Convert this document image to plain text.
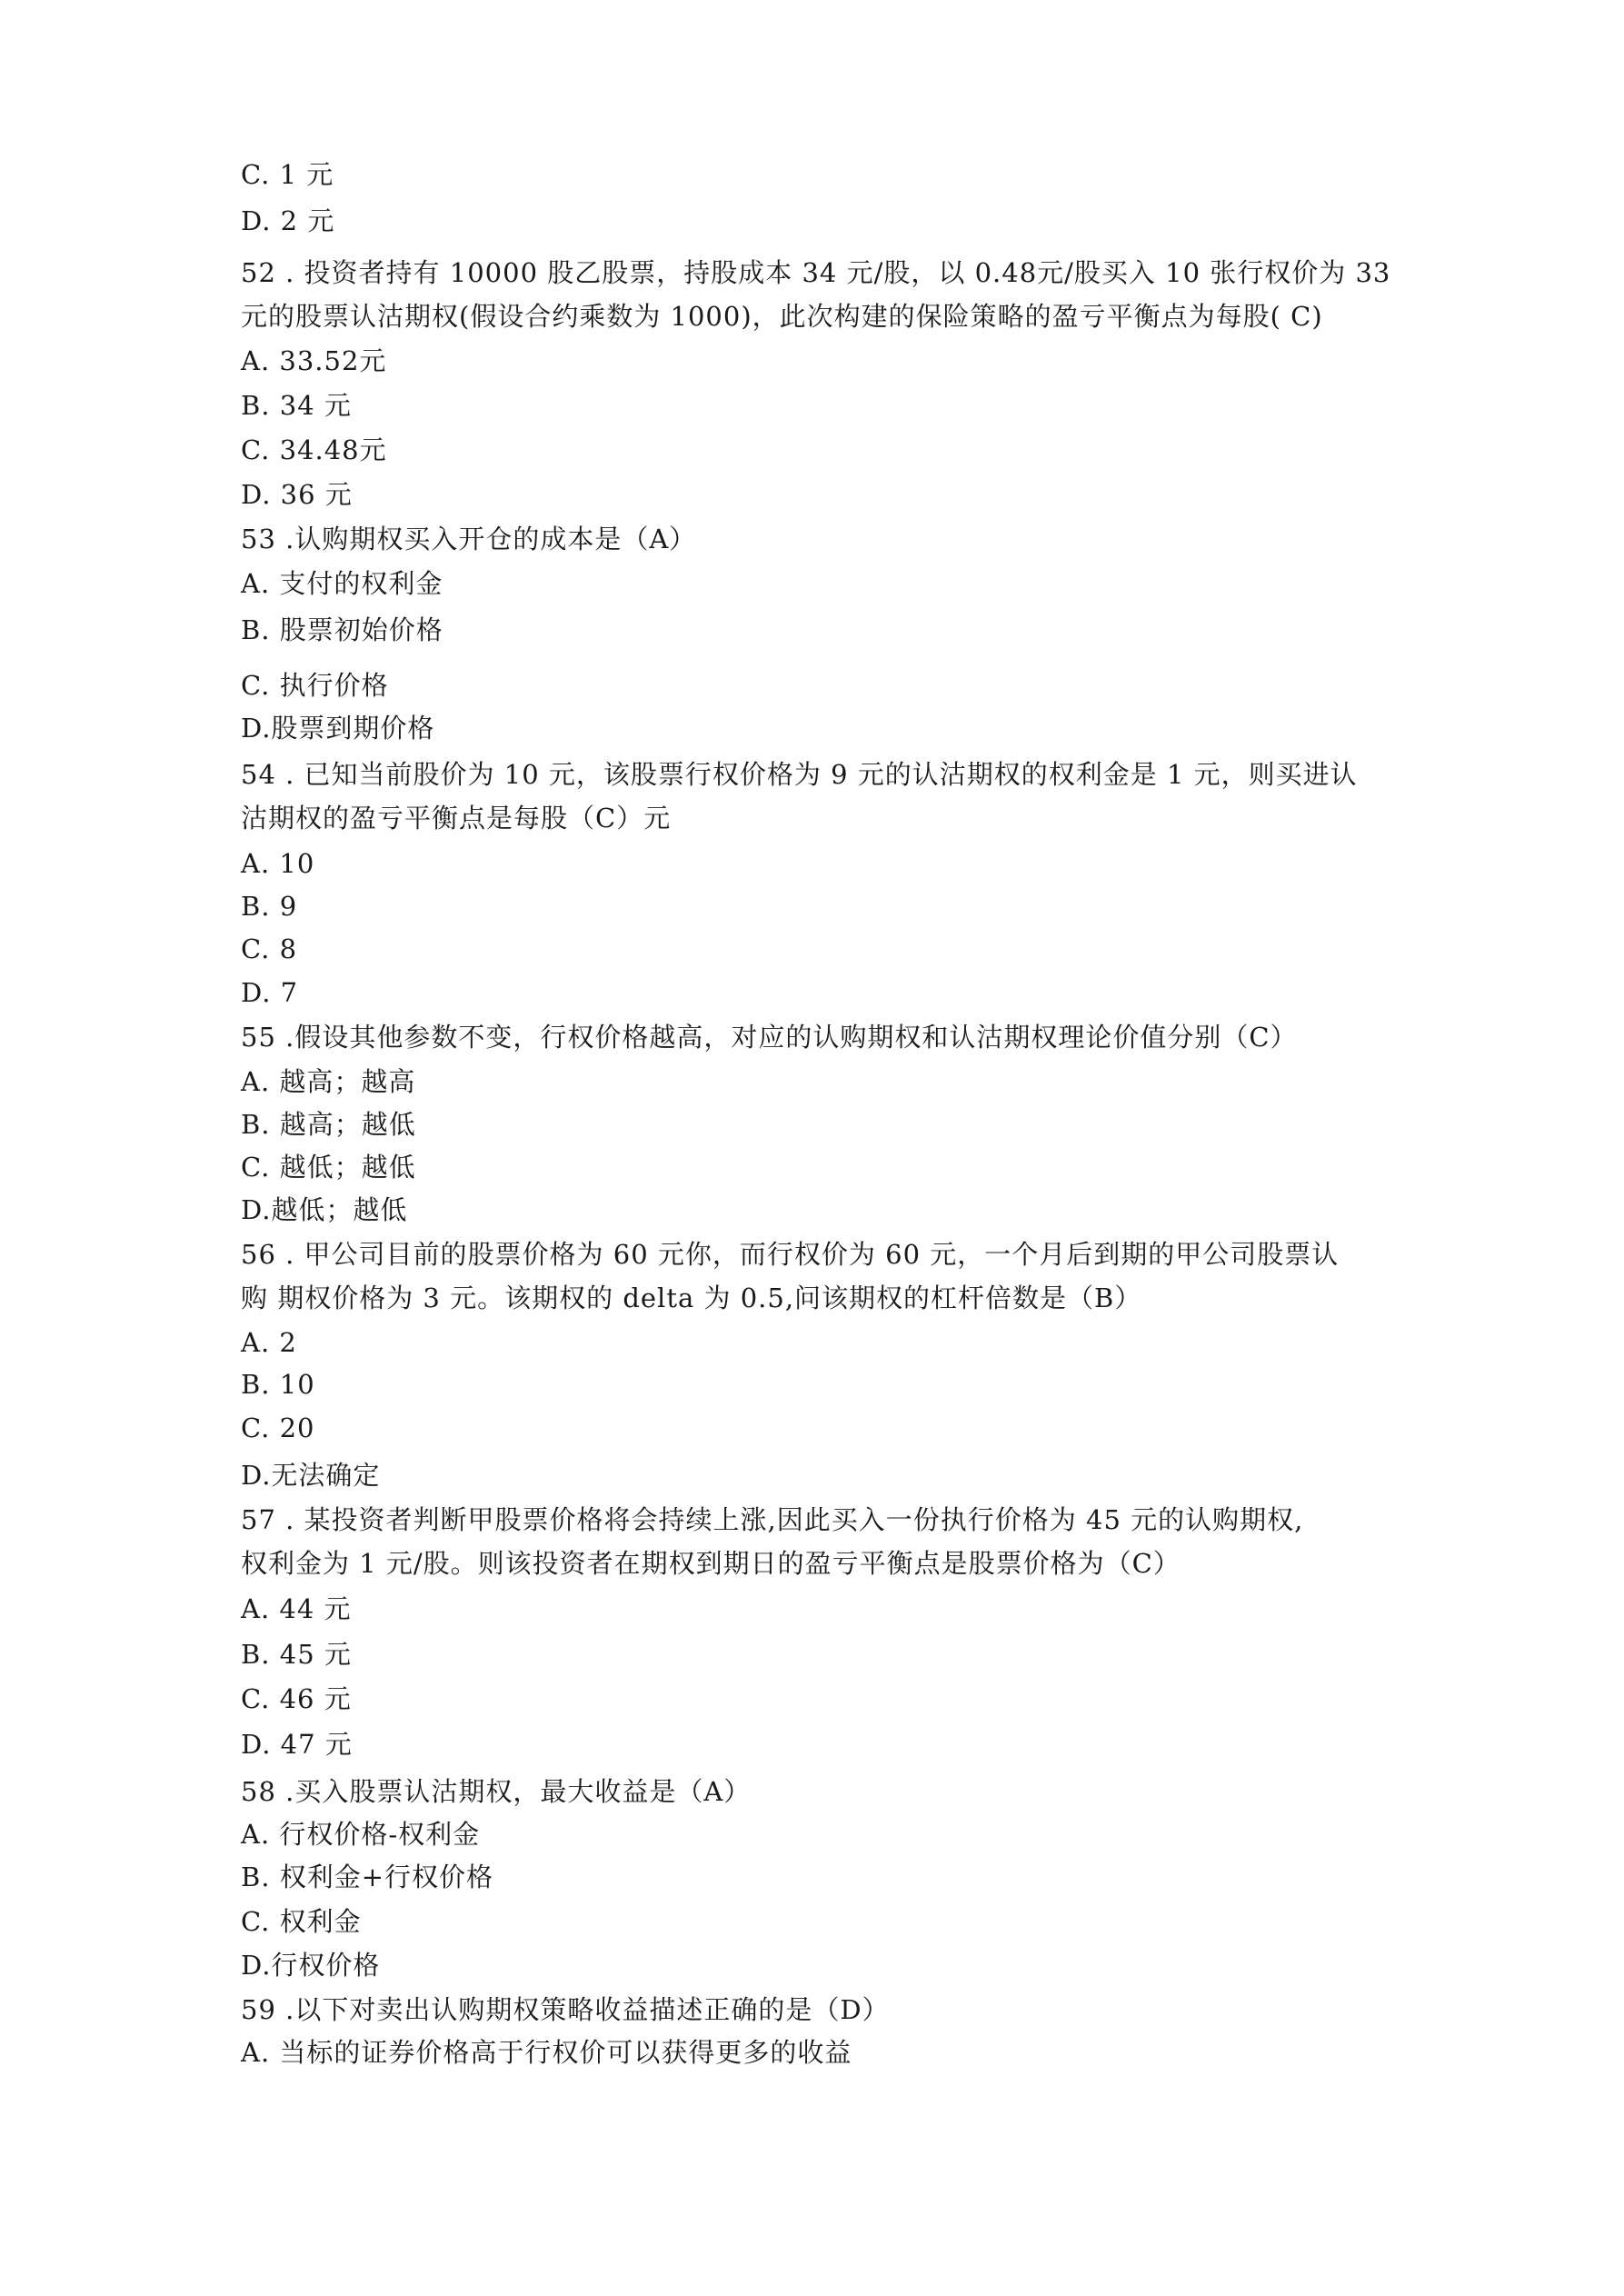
C. 1 元

D. 2 元

52 . 投资者持有 10000 股乙股票，持股成本 34 元/股，以 0.48元/股买入 10 张行权价为 33

元的股票认沽期权(假设合约乘数为 1000)，此次构建的保险策略的盈亏平衡点为每股( C)

A. 33.52元

B. 34 元

C. 34.48元

D. 36 元

53 .认购期权买入开仓的成本是（A）

A. 支付的权利金

B. 股票初始价格

C. 执行价格

D.股票到期价格

54 . 已知当前股价为 10 元，该股票行权价格为 9 元的认沽期权的权利金是 1 元，则买进认

沽期权的盈亏平衡点是每股（C）元

A. 10

B. 9

C. 8

D. 7

55 .假设其他参数不变，行权价格越高，对应的认购期权和认沽期权理论价值分别（C）

A. 越高；越高

B. 越高；越低

C. 越低；越低

D.越低；越低

56 . 甲公司目前的股票价格为 60 元你，而行权价为 60 元，一个月后到期的甲公司股票认

购 期权价格为 3 元。该期权的 delta 为 0.5,问该期权的杠杆倍数是（B）

A. 2

B. 10

C. 20

D.无法确定

57 . 某投资者判断甲股票价格将会持续上涨,因此买入一份执行价格为 45 元的认购期权,

权利金为 1 元/股。则该投资者在期权到期日的盈亏平衡点是股票价格为（C）

A. 44 元

B. 45 元

C. 46 元

D. 47 元

58 .买入股票认沽期权，最大收益是（A）

A. 行权价格-权利金

B. 权利金+行权价格

C. 权利金

D.行权价格

59 .以下对卖出认购期权策略收益描述正确的是（D）

A. 当标的证券价格高于行权价可以获得更多的收益
